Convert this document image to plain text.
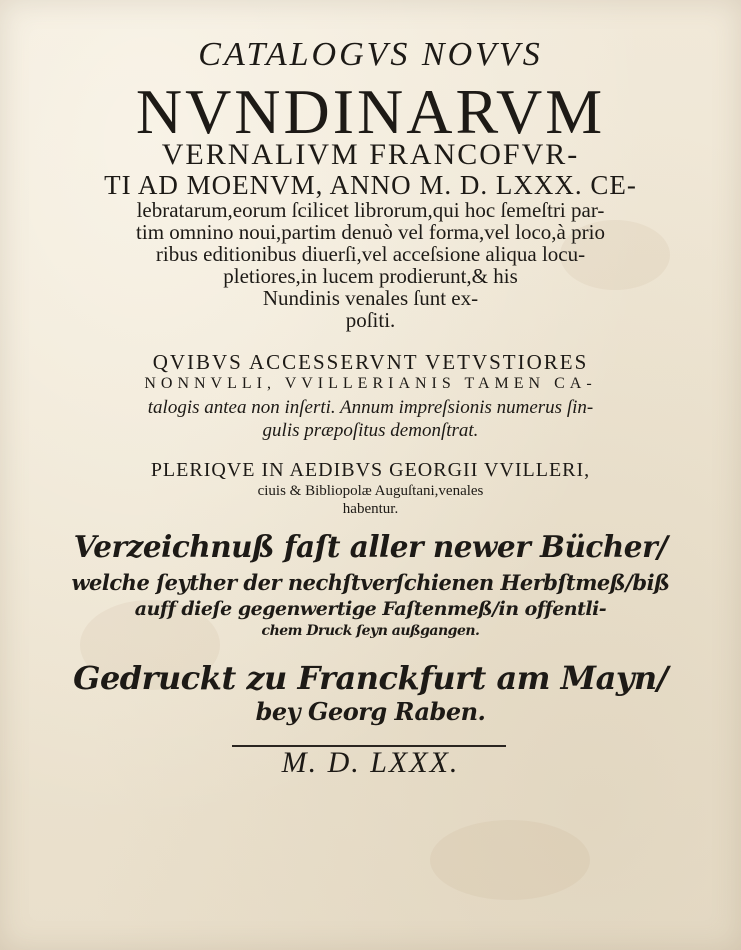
CATALOGVS NOVVS
NVNDINARVM
VERNALIVM FRANCOFVR-
TI AD MOENVM, ANNO M. D. LXXX. CE-
lebratarum,eorum ſcilicet librorum,qui hoc ſemeſtri par-
tim omnino noui,partim denuò vel forma,vel loco,à prio
ribus editionibus diuerſi,vel acceſsione aliqua locu-
pletiores,in lucem prodierunt,& his
Nundinis venales ſunt ex-
poſiti.
QVIBVS ACCESSERVNT VETVSTIORES
NONNVLLI, VVILLERIANIS TAMEN CA-
talogis antea non inſerti. Annum impreſsionis numerus ſin-
gulis præpoſitus demonſtrat.
PLERIQVE IN AEDIBVS GEORGII VVILLERI,
ciuis & Bibliopolæ Auguſtani,venales
habentur.
Verzeichnuß faſt aller newer Bücher/
welche ſeyther der nechſtverſchienen Herbſtmeß/biß
auff dieſe gegenwertige Faſtenmeß/in offentli-
chem Druck ſeyn außgangen.
Gedruckt zu Franckfurt am Mayn/
bey Georg Raben.
M. D. LXXX.
